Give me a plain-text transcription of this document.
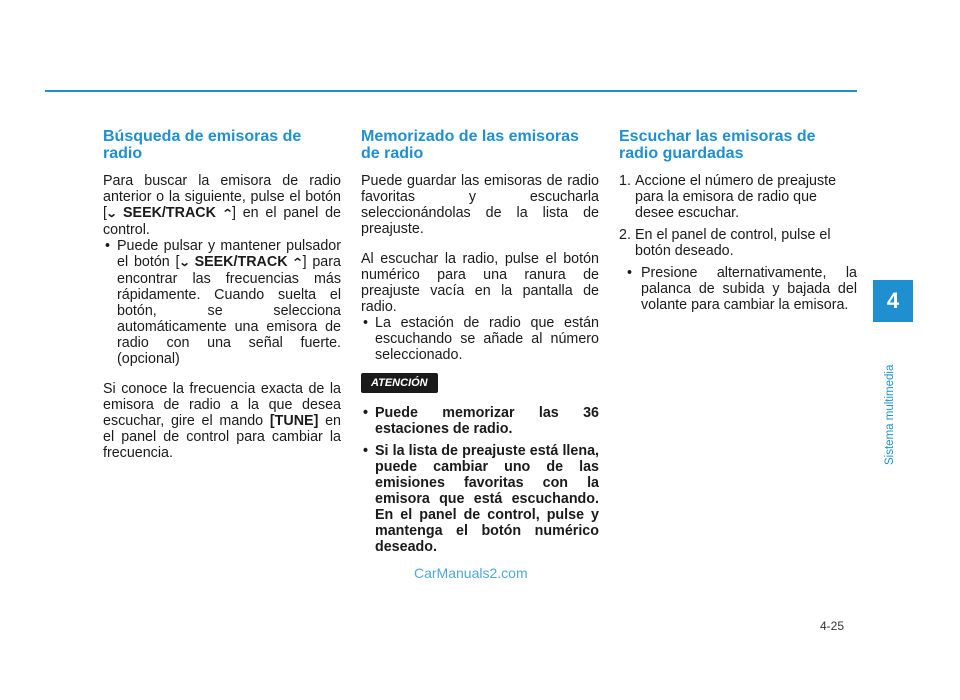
Búsqueda de emisoras de radio

Para buscar la emisora de radio anterior o la siguiente, pulse el botón [⌄ SEEK/TRACK ⌃] en el panel de control.

• Puede pulsar y mantener pulsador el botón [⌄ SEEK/TRACK ⌃] para encontrar las frecuencias más rápidamente. Cuando suelta el botón, se selecciona automáticamente una emisora de radio con una señal fuerte. (opcional)

Si conoce la frecuencia exacta de la emisora de radio a la que desea escuchar, gire el mando [TUNE] en el panel de control para cambiar la frecuencia.

Memorizado de las emisoras de radio

Puede guardar las emisoras de radio favoritas y escucharla seleccionándolas de la lista de preajuste.

Al escuchar la radio, pulse el botón numérico para una ranura de preajuste vacía en la pantalla de radio.

• La estación de radio que están escuchando se añade al número seleccionado.
ATENCIÓN
• Puede memorizar las 36 estaciones de radio.
• Si la lista de preajuste está llena, puede cambiar uno de las emisiones favoritas con la emisora que está escuchando. En el panel de control, pulse y mantenga el botón numérico deseado.
Escuchar las emisoras de radio guardadas
1. Accione el número de preajuste para la emisora de radio que desee escuchar.
2. En el panel de control, pulse el botón deseado.
• Presione alternativamente, la palanca de subida y bajada del volante para cambiar la emisora.	4
Sistema multimedia
CarManuals2.com
4-25
